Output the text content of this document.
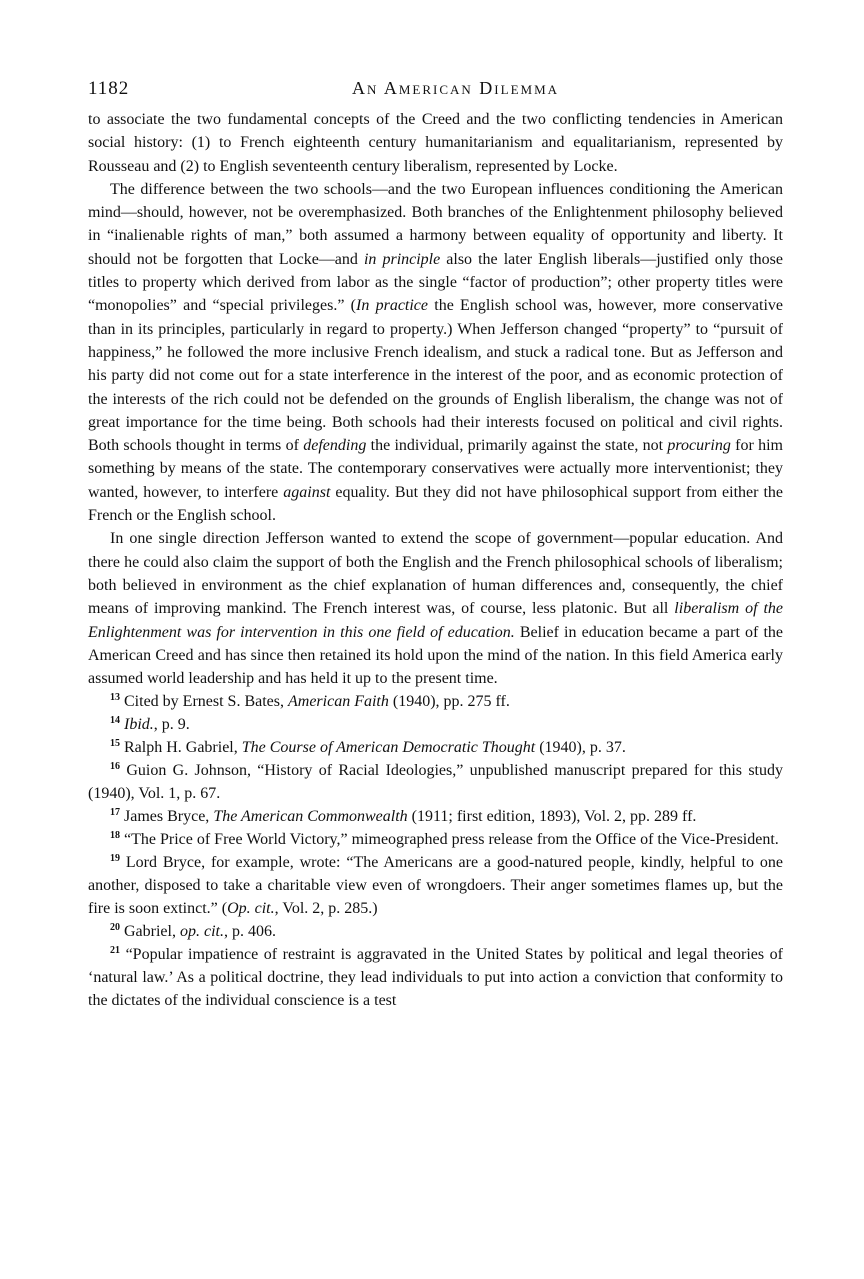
1182	An American Dilemma

to associate the two fundamental concepts of the Creed and the two conflicting tendencies in American social history: (1) to French eighteenth century humanitarianism and equalitarianism, represented by Rousseau and (2) to English seventeenth century liberalism, represented by Locke.

The difference between the two schools—and the two European influences conditioning the American mind—should, however, not be overemphasized. Both branches of the Enlightenment philosophy believed in “inalienable rights of man,” both assumed a harmony between equality of opportunity and liberty. It should not be forgotten that Locke—and in principle also the later English liberals—justified only those titles to property which derived from labor as the single “factor of production”; other property titles were “monopolies” and “special privileges.” (In practice the English school was, however, more conservative than in its principles, particularly in regard to property.) When Jefferson changed “property” to “pursuit of happiness,” he followed the more inclusive French idealism, and stuck a radical tone. But as Jefferson and his party did not come out for a state interference in the interest of the poor, and as economic protection of the interests of the rich could not be defended on the grounds of English liberalism, the change was not of great importance for the time being. Both schools had their interests focused on political and civil rights. Both schools thought in terms of defending the individual, primarily against the state, not procuring for him something by means of the state. The contemporary conservatives were actually more interventionist; they wanted, however, to interfere against equality. But they did not have philosophical support from either the French or the English school.

In one single direction Jefferson wanted to extend the scope of government—popular education. And there he could also claim the support of both the English and the French philosophical schools of liberalism; both believed in environment as the chief explanation of human differences and, consequently, the chief means of improving mankind. The French interest was, of course, less platonic. But all liberalism of the Enlightenment was for intervention in this one field of education. Belief in education became a part of the American Creed and has since then retained its hold upon the mind of the nation. In this field America early assumed world leadership and has held it up to the present time.

$^{13}$ Cited by Ernest S. Bates, American Faith (1940), pp. 275 ff.

$^{14}$ Ibid., p. 9.

$^{15}$ Ralph H. Gabriel, The Course of American Democratic Thought (1940), p. 37.

$^{16}$ Guion G. Johnson, “History of Racial Ideologies,” unpublished manuscript prepared for this study (1940), Vol. 1, p. 67.

$^{17}$ James Bryce, The American Commonwealth (1911; first edition, 1893), Vol. 2, pp. 289 ff.

$^{18}$ “The Price of Free World Victory,” mimeographed press release from the Office of the Vice-President.

$^{19}$ Lord Bryce, for example, wrote: “The Americans are a good-natured people, kindly, helpful to one another, disposed to take a charitable view even of wrongdoers. Their anger sometimes flames up, but the fire is soon extinct.” (Op. cit., Vol. 2, p. 285.)

$^{20}$ Gabriel, op. cit., p. 406.

$^{21}$ “Popular impatience of restraint is aggravated in the United States by political and legal theories of ‘natural law.’ As a political doctrine, they lead individuals to put into action a conviction that conformity to the dictates of the individual conscience is a test
